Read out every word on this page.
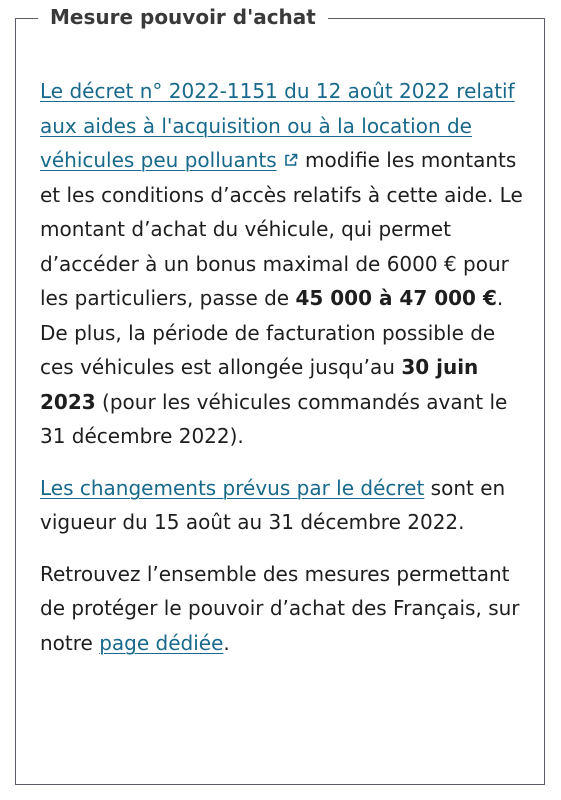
Mesure pouvoir d'achat

Le décret n° 2022-1151 du 12 août 2022 relatif aux aides à l'acquisition ou à la location de véhicules peu polluants modifie les montants et les conditions d’accès relatifs à cette aide. Le montant d’achat du véhicule, qui permet d’accéder à un bonus maximal de 6000 € pour les particuliers, passe de 45 000 à 47 000 €. De plus, la période de facturation possible de ces véhicules est allongée jusqu’au 30 juin 2023 (pour les véhicules commandés avant le 31 décembre 2022).

Les changements prévus par le décret sont en vigueur du 15 août au 31 décembre 2022.

Retrouvez l’ensemble des mesures permettant de protéger le pouvoir d’achat des Français, sur notre page dédiée.
